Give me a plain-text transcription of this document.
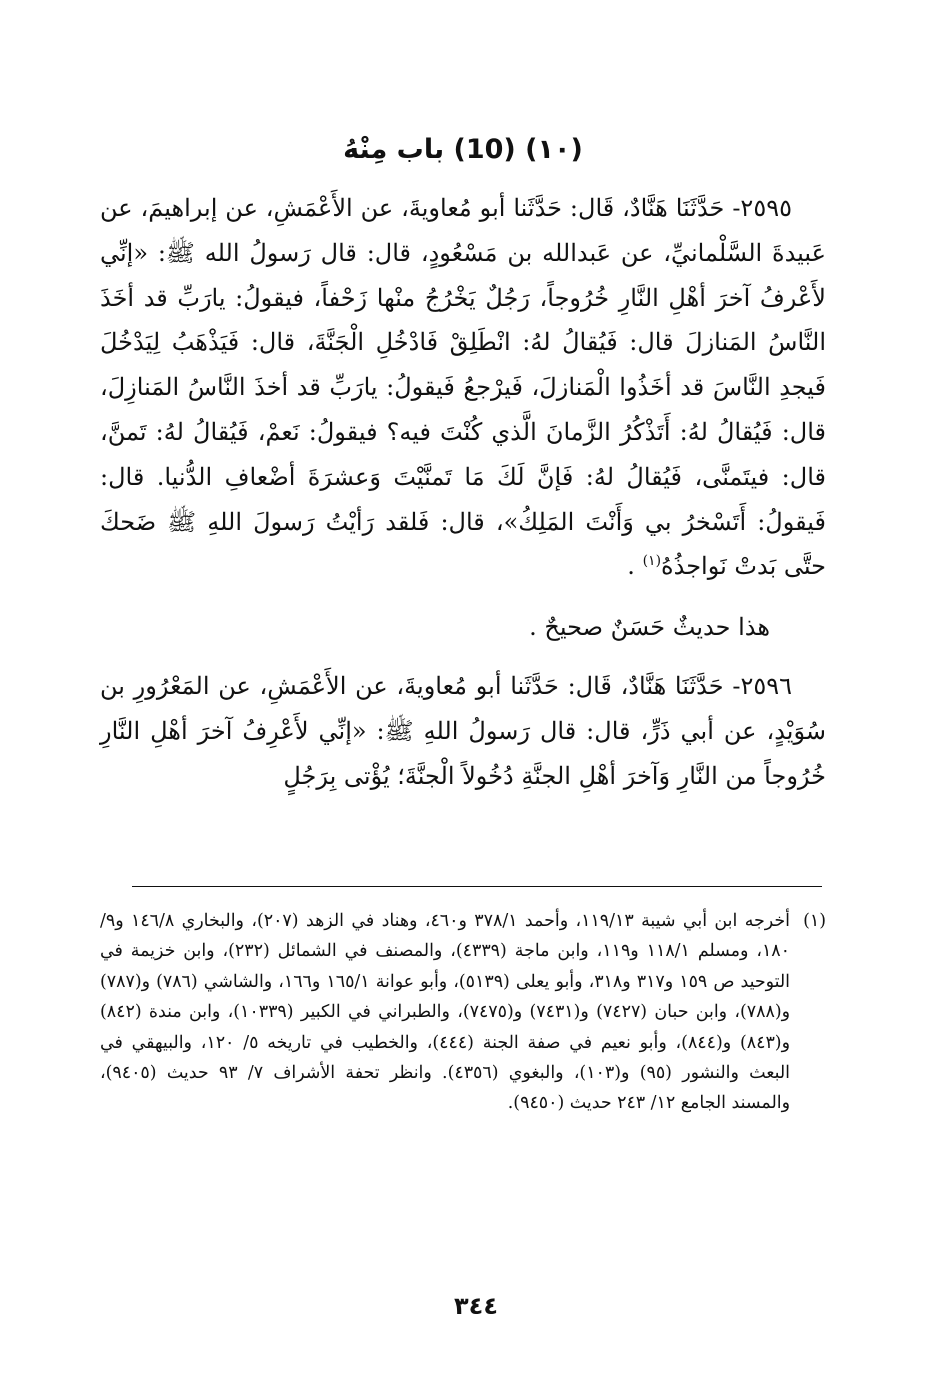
(١٠) (10) باب مِنْهُ

٢٥٩٥- حَدَّثَنَا هَنَّادٌ، قَال: حَدَّثَنا أبو مُعاويةَ، عن الأَعْمَشِ، عن إبراهيمَ، عن عَبيدةَ السَّلْمانيِّ، عن عَبدالله بن مَسْعُودٍ، قال: قال رَسولُ الله ﷺ: «إنِّي لأَعْرفُ آخرَ أهْلِ النَّارِ خُرُوجاً، رَجُلٌ يَخْرُجُ منْها زَحْفاً، فيقولُ: يارَبِّ قد أخَذَ النَّاسُ المَنازلَ قال: فَيُقالُ لهُ: انْطَلِقْ فَادْخُلِ الْجَنَّةَ، قال: فَيَذْهَبُ لِيَدْخُلَ فَيجدِ النَّاسَ قد أخَذُوا الْمَنازلَ، فَيرْجعُ فَيقولُ: يارَبِّ قد أخذَ النَّاسُ المَنازِلَ، قال: فَيُقالُ لهُ: أَتَذْكُرُ الزَّمانَ الَّذي كُنْتَ فيه؟ فيقولُ: نَعمْ، فَيُقالُ لهُ: تَمنَّ، قال: فيتَمنَّى، فَيُقالُ لهُ: فَإنَّ لَكَ مَا تَمنَّيْتَ وَعشرَةَ أضْعافِ الدُّنيا. قال: فَيقولُ: أَتَسْخرُ بي وَأَنْتَ المَلِكُ»، قال: فَلقد رَأيْتُ رَسولَ اللهِ ﷺ ضَحكَ حتَّى بَدتْ نَواجذُهُ$^{(١)}$ .

هذا حديثٌ حَسَنٌ صحيحٌ .

٢٥٩٦- حَدَّثَنَا هَنَّادٌ، قَال: حَدَّثَنا أبو مُعاويةَ، عن الأَعْمَشِ، عن المَعْرُورِ بن سُوَيْدٍ، عن أبي ذَرٍّ، قال: قال رَسولُ اللهِ ﷺ: «إنِّي لأَعْرِفُ آخرَ أهْلِ النَّارِ خُرُوجاً من النَّارِ وَآخرَ أهْلِ الجنَّةِ دُخُولاً الْجنَّةَ؛ يُؤْتى بِرَجُلٍ

(١)
أخرجه ابن أبي شيبة ١١٩/١٣، وأحمد ٣٧٨/١ و٤٦٠، وهناد في الزهد (٢٠٧)، والبخاري ١٤٦/٨ و٩/ ١٨٠، ومسلم ١١٨/١ و١١٩، وابن ماجة (٤٣٣٩)، والمصنف في الشمائل (٢٣٢)، وابن خزيمة في التوحيد ص ١٥٩ و٣١٧ و٣١٨، وأبو يعلى (٥١٣٩)، وأبو عوانة ١٦٥/١ و١٦٦، والشاشي (٧٨٦) و(٧٨٧) و(٧٨٨)، وابن حبان (٧٤٢٧) و(٧٤٣١) و(٧٤٧٥)، والطبراني في الكبير (١٠٣٣٩)، وابن مندة (٨٤٢) و(٨٤٣) و(٨٤٤)، وأبو نعيم في صفة الجنة (٤٤٤)، والخطيب في تاريخه ٥/ ١٢٠، والبيهقي في البعث والنشور (٩٥) و(١٠٣)، والبغوي (٤٣٥٦). وانظر تحفة الأشراف ٧/ ٩٣ حديث (٩٤٠٥)، والمسند الجامع ١٢/ ٢٤٣ حديث (٩٤٥٠).
٣٤٤
